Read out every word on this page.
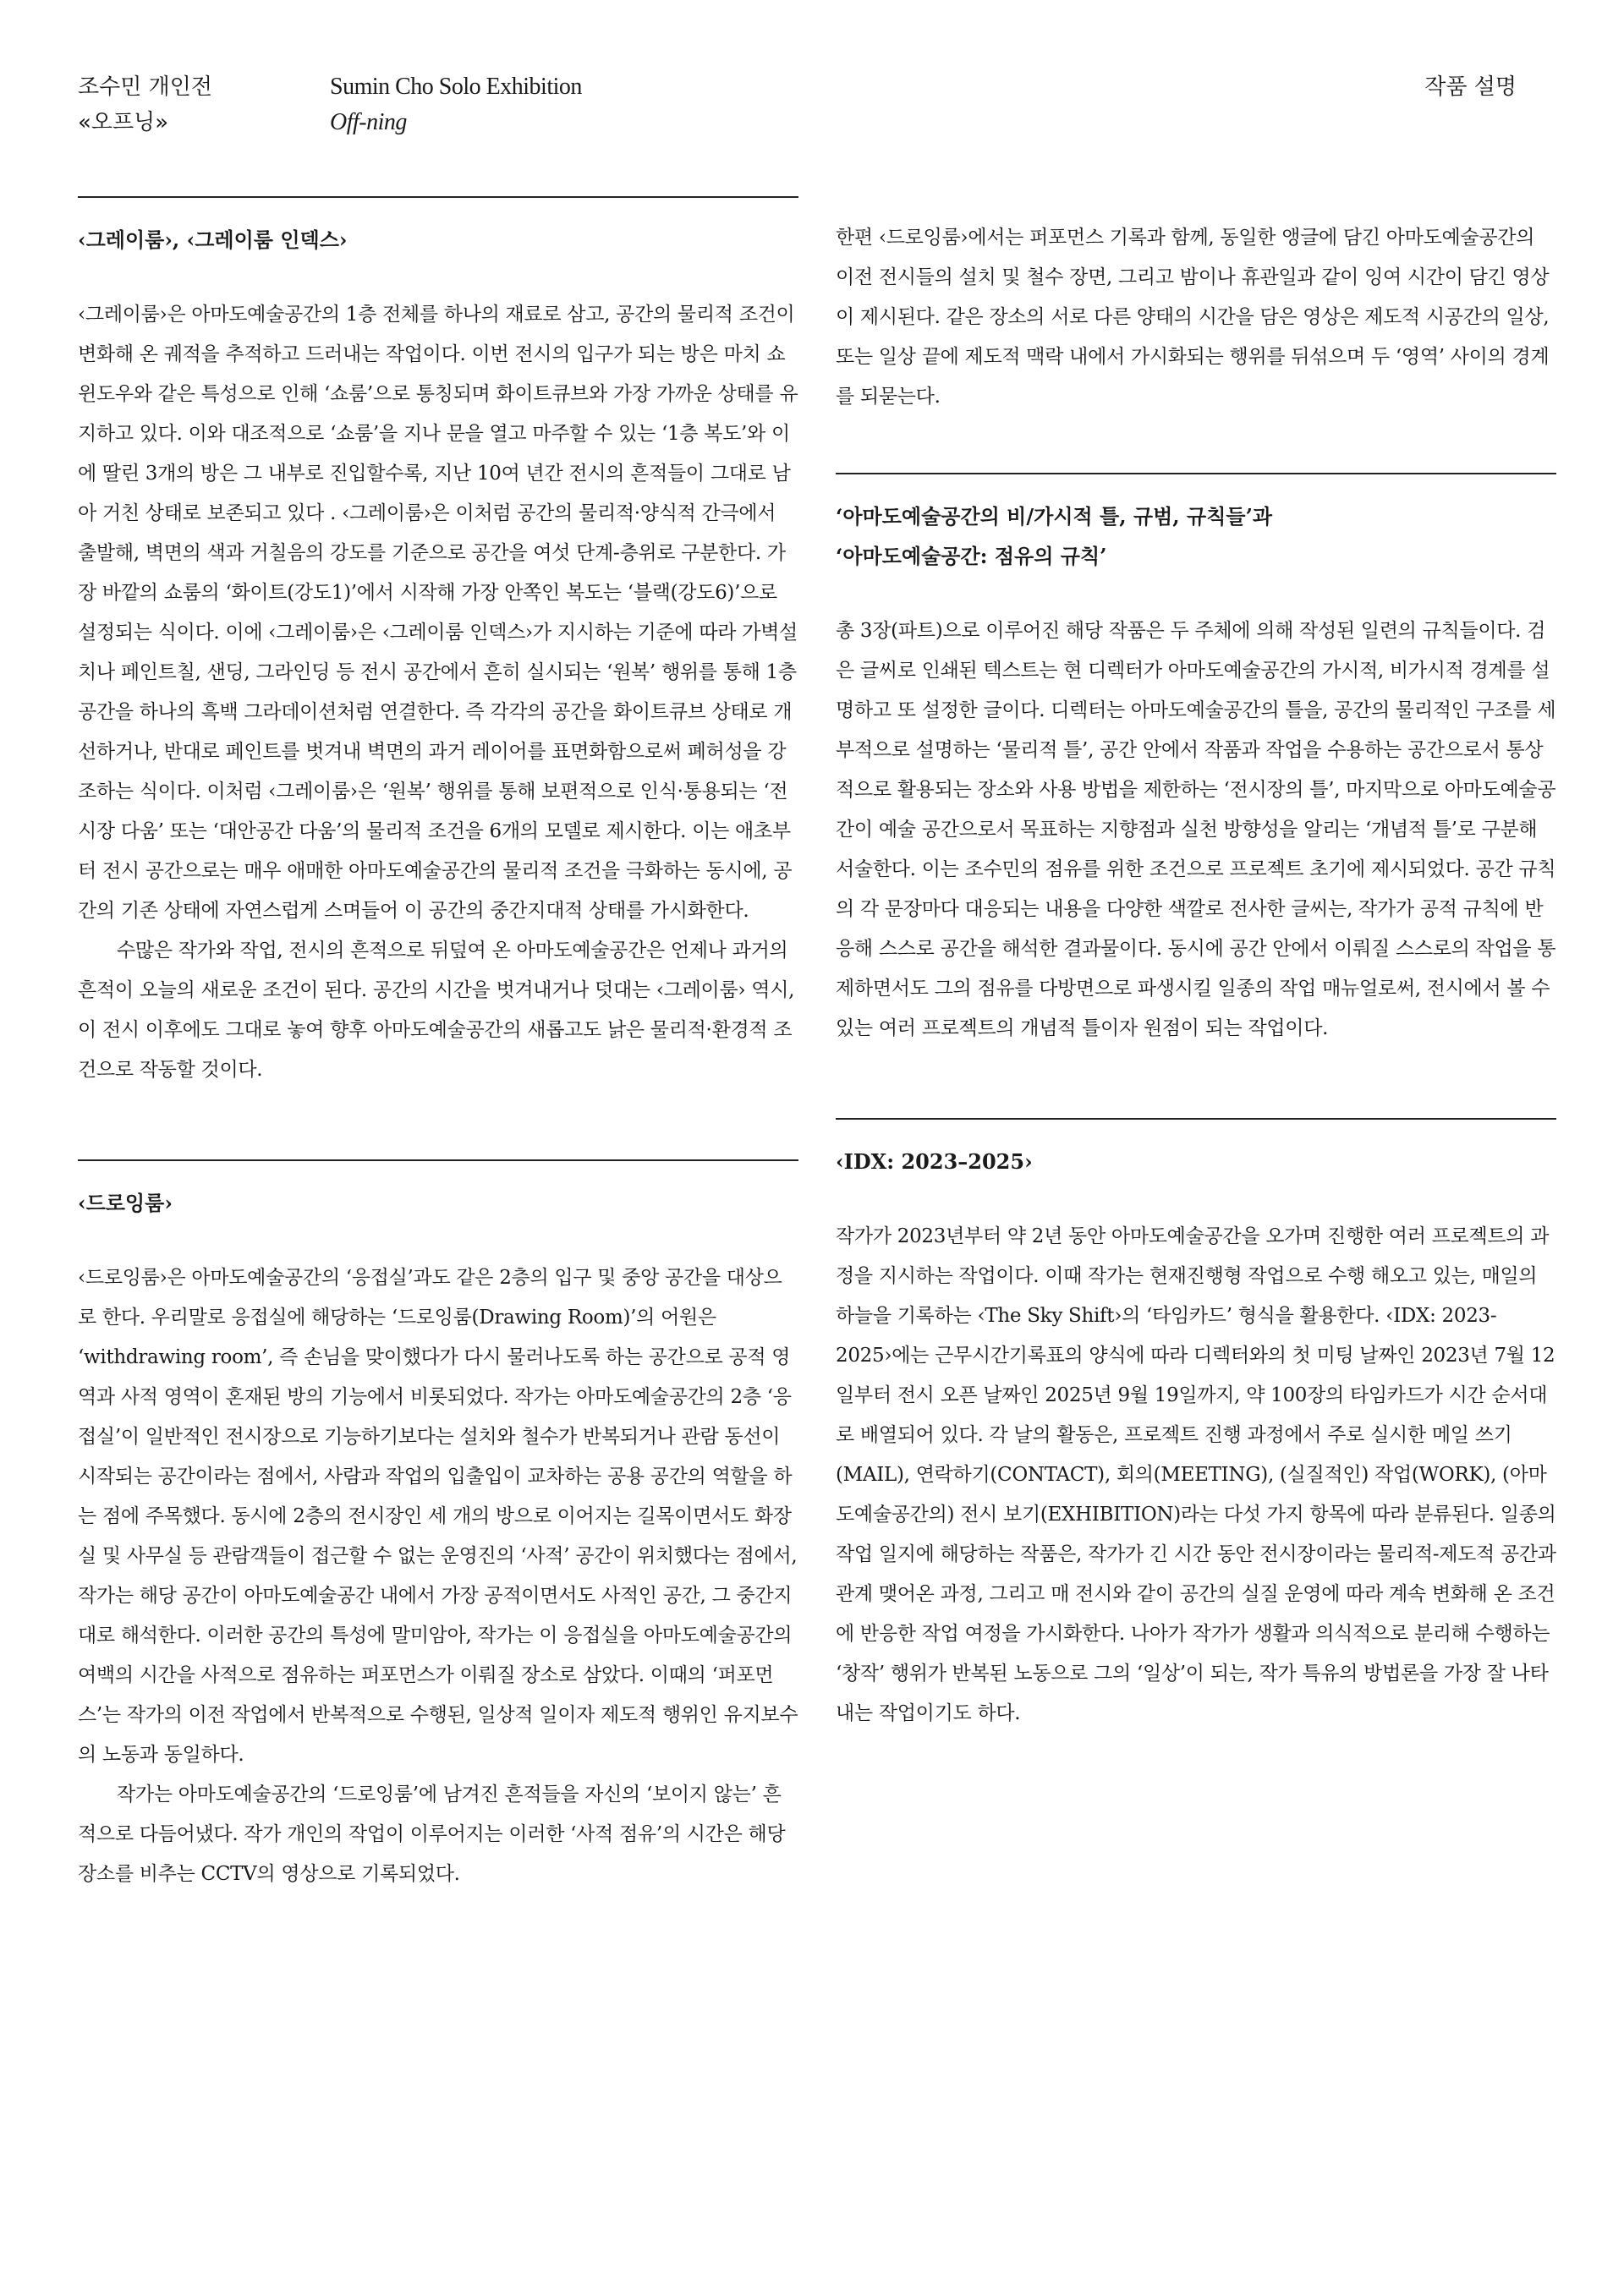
조수민 개인전
«오프닝»
Sumin Cho Solo Exhibition
Off-ning
작품 설명
‹그레이룸›, ‹그레이룸 인덱스›

‹그레이룸›은 아마도예술공간의 1층 전체를 하나의 재료로 삼고, 공간의 물리적 조건이 변화해 온 궤적을 추적하고 드러내는 작업이다. 이번 전시의 입구가 되는 방은 마치 쇼윈도우와 같은 특성으로 인해 ‘쇼룸’으로 통칭되며 화이트큐브와 가장 가까운 상태를 유지하고 있다. 이와 대조적으로 ‘쇼룸’을 지나 문을 열고 마주할 수 있는 ‘1층 복도’와 이에 딸린 3개의 방은 그 내부로 진입할수록, 지난 10여 년간 전시의 흔적들이 그대로 남아 거친 상태로 보존되고 있다 . ‹그레이룸›은 이처럼 공간의 물리적·양식적 간극에서 출발해, 벽면의 색과 거칠음의 강도를 기준으로 공간을 여섯 단계-층위로 구분한다. 가장 바깥의 쇼룸의 ‘화이트(강도1)’에서 시작해 가장 안쪽인 복도는 ‘블랙(강도6)’으로 설정되는 식이다. 이에 ‹그레이룸›은 ‹그레이룸 인덱스›가 지시하는 기준에 따라 가벽설치나 페인트칠, 샌딩, 그라인딩 등 전시 공간에서 흔히 실시되는 ‘원복’ 행위를 통해 1층 공간을 하나의 흑백 그라데이션처럼 연결한다. 즉 각각의 공간을 화이트큐브 상태로 개선하거나, 반대로 페인트를 벗겨내 벽면의 과거 레이어를 표면화함으로써 폐허성을 강조하는 식이다. 이처럼 ‹그레이룸›은 ‘원복’ 행위를 통해 보편적으로 인식·통용되는 ‘전시장 다움’ 또는 ‘대안공간 다움’의 물리적 조건을 6개의 모델로 제시한다. 이는 애초부터 전시 공간으로는 매우 애매한 아마도예술공간의 물리적 조건을 극화하는 동시에, 공간의 기존 상태에 자연스럽게 스며들어 이 공간의 중간지대적 상태를 가시화한다.

수많은 작가와 작업, 전시의 흔적으로 뒤덮여 온 아마도예술공간은 언제나 과거의 흔적이 오늘의 새로운 조건이 된다. 공간의 시간을 벗겨내거나 덧대는 ‹그레이룸› 역시, 이 전시 이후에도 그대로 놓여 향후 아마도예술공간의 새롭고도 낡은 물리적·환경적 조건으로 작동할 것이다.

‹드로잉룸›

‹드로잉룸›은 아마도예술공간의 ‘응접실’과도 같은 2층의 입구 및 중앙 공간을 대상으로 한다. 우리말로 응접실에 해당하는 ‘드로잉룸(Drawing Room)’의 어원은 ‘withdrawing room’, 즉 손님을 맞이했다가 다시 물러나도록 하는 공간으로 공적 영역과 사적 영역이 혼재된 방의 기능에서 비롯되었다. 작가는 아마도예술공간의 2층 ‘응접실’이 일반적인 전시장으로 기능하기보다는 설치와 철수가 반복되거나 관람 동선이 시작되는 공간이라는 점에서, 사람과 작업의 입출입이 교차하는 공용 공간의 역할을 하는 점에 주목했다. 동시에 2층의 전시장인 세 개의 방으로 이어지는 길목이면서도 화장실 및 사무실 등 관람객들이 접근할 수 없는 운영진의 ‘사적’ 공간이 위치했다는 점에서, 작가는 해당 공간이 아마도예술공간 내에서 가장 공적이면서도 사적인 공간, 그 중간지대로 해석한다. 이러한 공간의 특성에 말미암아, 작가는 이 응접실을 아마도예술공간의 여백의 시간을 사적으로 점유하는 퍼포먼스가 이뤄질 장소로 삼았다. 이때의 ‘퍼포먼스’는 작가의 이전 작업에서 반복적으로 수행된, 일상적 일이자 제도적 행위인 유지보수의 노동과 동일하다.

작가는 아마도예술공간의 ‘드로잉룸’에 남겨진 흔적들을 자신의 ‘보이지 않는’ 흔적으로 다듬어냈다. 작가 개인의 작업이 이루어지는 이러한 ‘사적 점유’의 시간은 해당 장소를 비추는 CCTV의 영상으로 기록되었다.

한편 ‹드로잉룸›에서는 퍼포먼스 기록과 함께, 동일한 앵글에 담긴 아마도예술공간의 이전 전시들의 설치 및 철수 장면, 그리고 밤이나 휴관일과 같이 잉여 시간이 담긴 영상이 제시된다. 같은 장소의 서로 다른 양태의 시간을 담은 영상은 제도적 시공간의 일상, 또는 일상 끝에 제도적 맥락 내에서 가시화되는 행위를 뒤섞으며 두 ‘영역’ 사이의 경계를 되묻는다.

‘아마도예술공간의 비/가시적 틀, 규범, 규칙들’과
‘아마도예술공간: 점유의 규칙’

총 3장(파트)으로 이루어진 해당 작품은 두 주체에 의해 작성된 일련의 규칙들이다. 검은 글씨로 인쇄된 텍스트는 현 디렉터가 아마도예술공간의 가시적, 비가시적 경계를 설명하고 또 설정한 글이다. 디렉터는 아마도예술공간의 틀을, 공간의 물리적인 구조를 세부적으로 설명하는 ‘물리적 틀’, 공간 안에서 작품과 작업을 수용하는 공간으로서 통상적으로 활용되는 장소와 사용 방법을 제한하는 ‘전시장의 틀’, 마지막으로 아마도예술공간이 예술 공간으로서 목표하는 지향점과 실천 방향성을 알리는 ‘개념적 틀’로 구분해 서술한다. 이는 조수민의 점유를 위한 조건으로 프로젝트 초기에 제시되었다. 공간 규칙의 각 문장마다 대응되는 내용을 다양한 색깔로 전사한 글씨는, 작가가 공적 규칙에 반응해 스스로 공간을 해석한 결과물이다. 동시에 공간 안에서 이뤄질 스스로의 작업을 통제하면서도 그의 점유를 다방면으로 파생시킬 일종의 작업 매뉴얼로써, 전시에서 볼 수 있는 여러 프로젝트의 개념적 틀이자 원점이 되는 작업이다.

‹IDX: 2023–2025›

작가가 2023년부터 약 2년 동안 아마도예술공간을 오가며 진행한 여러 프로젝트의 과정을 지시하는 작업이다. 이때 작가는 현재진행형 작업으로 수행 해오고 있는, 매일의 하늘을 기록하는 ‹The Sky Shift›의 ‘타임카드’ 형식을 활용한다. ‹IDX: 2023-2025›에는 근무시간기록표의 양식에 따라 디렉터와의 첫 미팅 날짜인 2023년 7월 12일부터 전시 오픈 날짜인 2025년 9월 19일까지, 약 100장의 타임카드가 시간 순서대로 배열되어 있다. 각 날의 활동은, 프로젝트 진행 과정에서 주로 실시한 메일 쓰기(MAIL), 연락하기(CONTACT), 회의(MEETING), (실질적인) 작업(WORK), (아마도예술공간의) 전시 보기(EXHIBITION)라는 다섯 가지 항목에 따라 분류된다. 일종의 작업 일지에 해당하는 작품은, 작가가 긴 시간 동안 전시장이라는 물리적-제도적 공간과 관계 맺어온 과정, 그리고 매 전시와 같이 공간의 실질 운영에 따라 계속 변화해 온 조건에 반응한 작업 여정을 가시화한다. 나아가 작가가 생활과 의식적으로 분리해 수행하는 ‘창작’ 행위가 반복된 노동으로 그의 ‘일상’이 되는, 작가 특유의 방법론을 가장 잘 나타내는 작업이기도 하다.
